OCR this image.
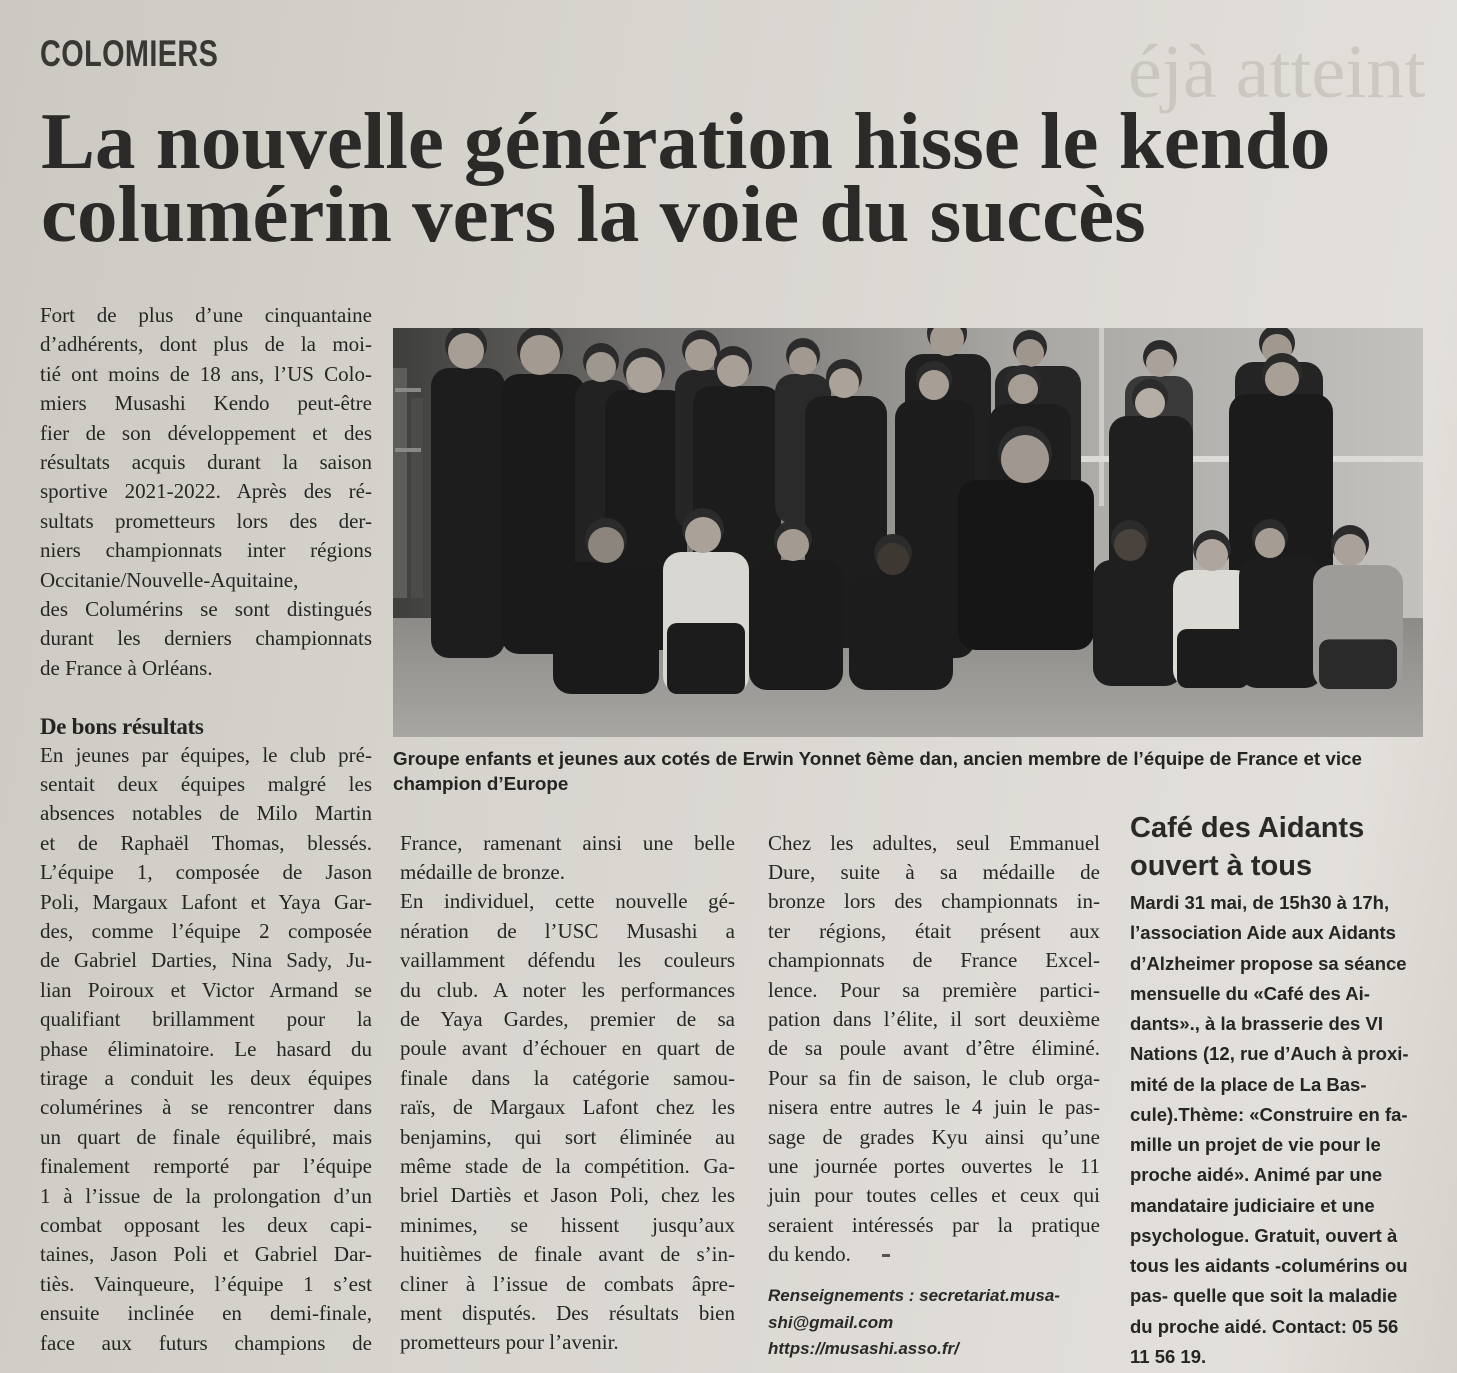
COLOMIERS	éjà atteint
La nouvelle génération hisse le kendo
columérin vers la voie du succès
Fort de plus d’une cinquantaine
d’adhérents, dont plus de la moi-
tié ont moins de 18 ans, l’US Colo-
miers Musashi Kendo peut-être
fier de son développement et des
résultats acquis durant la saison
sportive 2021-2022. Après des ré-
sultats prometteurs lors des der-
niers championnats inter régions
Occitanie/Nouvelle-Aquitaine,
des Columérins se sont distingués
durant les derniers championnats
de France à Orléans.
De bons résultats
En jeunes par équipes, le club pré-
sentait deux équipes malgré les
absences notables de Milo Martin
et de Raphaël Thomas, blessés.
L’équipe 1, composée de Jason
Poli, Margaux Lafont et Yaya Gar-
des, comme l’équipe 2 composée
de Gabriel Darties, Nina Sady, Ju-
lian Poiroux et Victor Armand se
qualifiant brillamment pour la
phase éliminatoire. Le hasard du
tirage a conduit les deux équipes
columérines à se rencontrer dans
un quart de finale équilibré, mais
finalement remporté par l’équipe
1 à l’issue de la prolongation d’un
combat opposant les deux capi-
taines, Jason Poli et Gabriel Dar-
tiès. Vainqueure, l’équipe 1 s’est
ensuite inclinée en demi-finale,
face aux futurs champions de
Groupe enfants et jeunes aux cotés de Erwin Yonnet 6ème dan, ancien membre de l’équipe de France et vice
champion d’Europe
France, ramenant ainsi une belle
médaille de bronze.
En individuel, cette nouvelle gé-
nération de l’USC Musashi a
vaillamment défendu les couleurs
du club. A noter les performances
de Yaya Gardes, premier de sa
poule avant d’échouer en quart de
finale dans la catégorie samou-
raïs, de Margaux Lafont chez les
benjamins, qui sort éliminée au
même stade de la compétition. Ga-
briel Dartiès et Jason Poli, chez les
minimes, se hissent jusqu’aux
huitièmes de finale avant de s’in-
cliner à l’issue de combats âpre-
ment disputés. Des résultats bien
prometteurs pour l’avenir.
Chez les adultes, seul Emmanuel
Dure, suite à sa médaille de
bronze lors des championnats in-
ter régions, était présent aux
championnats de France Excel-
lence. Pour sa première partici-
pation dans l’élite, il sort deuxième
de sa poule avant d’être éliminé.
Pour sa fin de saison, le club orga-
nisera entre autres le 4 juin le pas-
sage de grades Kyu ainsi qu’une
une journée portes ouvertes le 11
juin pour toutes celles et ceux qui
seraient intéressés par la pratique
du kendo.
Renseignements : secretariat.musa-
shi@gmail.com
https://musashi.asso.fr/
Café des Aidants
ouvert à tous
Mardi 31 mai, de 15h30 à 17h,
l’association Aide aux Aidants
d’Alzheimer propose sa séance
mensuelle du «Café des Ai-
dants»., à la brasserie des VI
Nations (12, rue d’Auch à proxi-
mité de la place de La Bas-
cule).Thème: «Construire en fa-
mille un projet de vie pour le
proche aidé». Animé par une
mandataire judiciaire et une
psychologue. Gratuit, ouvert à
tous les aidants -columérins ou
pas- quelle que soit la maladie
du proche aidé. Contact: 05 56
11 56 19.
